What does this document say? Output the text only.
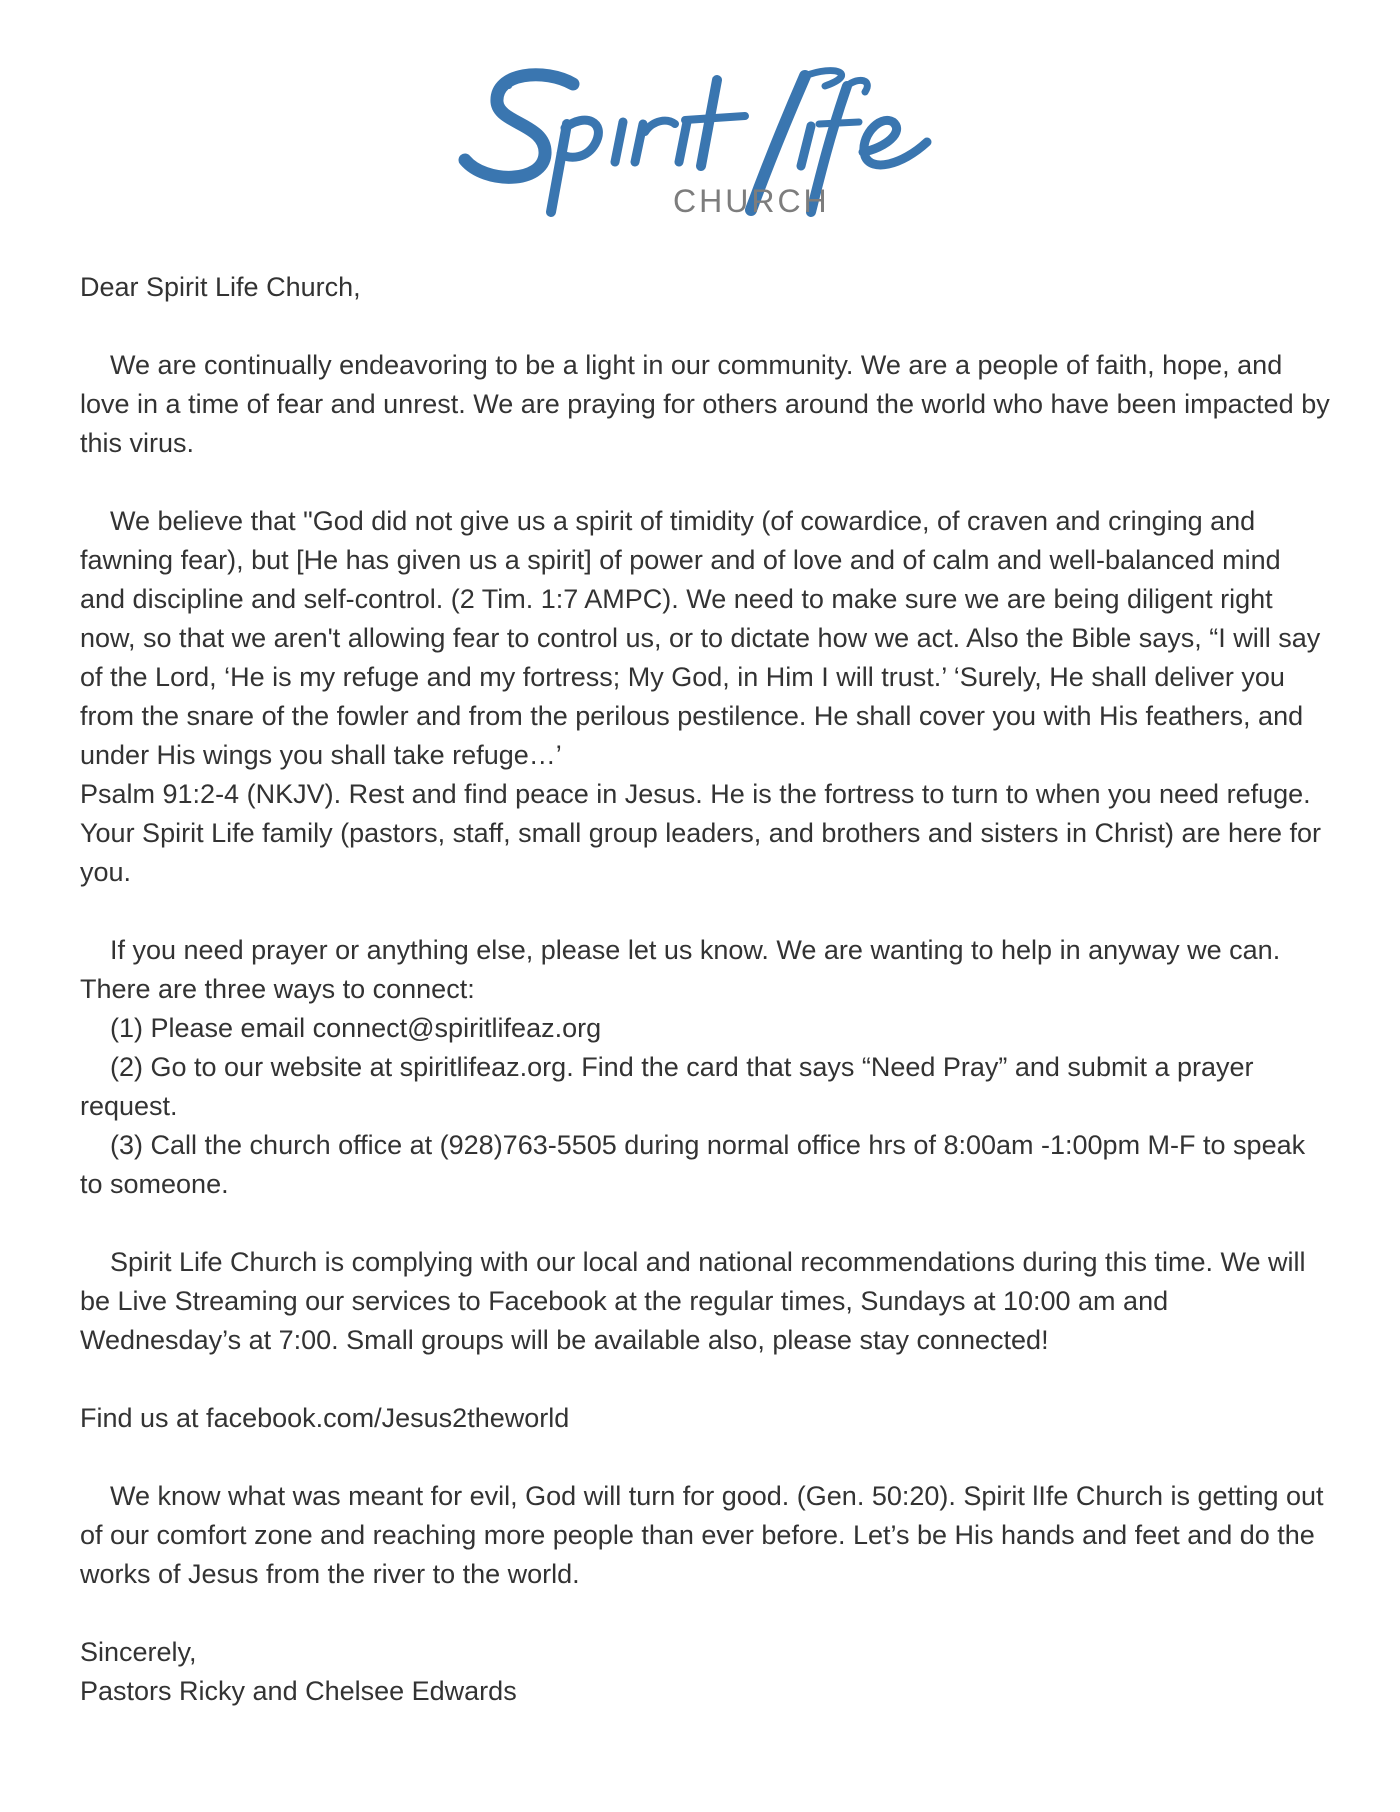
CHURCH

Dear Spirit Life Church,

We are continually endeavoring to be a light in our community. We are a people of faith, hope, and love in a time of fear and unrest. We are praying for others around the world who have been impacted by this virus.

We believe that "God did not give us a spirit of timidity (of cowardice, of craven and cringing and fawning fear), but [He has given us a spirit] of power and of love and of calm and well-balanced mind and discipline and self-control. (2 Tim. 1:7 AMPC). We need to make sure we are being diligent right now, so that we aren't allowing fear to control us, or to dictate how we act. Also the Bible says, “I will say of the Lord, ‘He is my refuge and my fortress; My God, in Him I will trust.’ ‘Surely, He shall deliver you from the snare of the fowler and from the perilous pestilence. He shall cover you with His feathers, and under His wings you shall take refuge…’

Psalm 91:2-4 (NKJV). Rest and find peace in Jesus. He is the fortress to turn to when you need refuge. Your Spirit Life family (pastors, staff, small group leaders, and brothers and sisters in Christ) are here for you.

If you need prayer or anything else, please let us know. We are wanting to help in anyway we can. There are three ways to connect:

(1) Please email connect@spiritlifeaz.org

(2) Go to our website at spiritlifeaz.org. Find the card that says “Need Pray” and submit a prayer request.

(3) Call the church office at (928)763-5505 during normal office hrs of 8:00am -1:00pm M-F to speak to someone.

Spirit Life Church is complying with our local and national recommendations during this time. We will be Live Streaming our services to Facebook at the regular times, Sundays at 10:00 am and Wednesday’s at 7:00. Small groups will be available also, please stay connected!

Find us at facebook.com/Jesus2theworld

We know what was meant for evil, God will turn for good. (Gen. 50:20). Spirit lIfe Church is getting out of our comfort zone and reaching more people than ever before. Let’s be His hands and feet and do the works of Jesus from the river to the world.

Sincerely,

Pastors Ricky and Chelsee Edwards
